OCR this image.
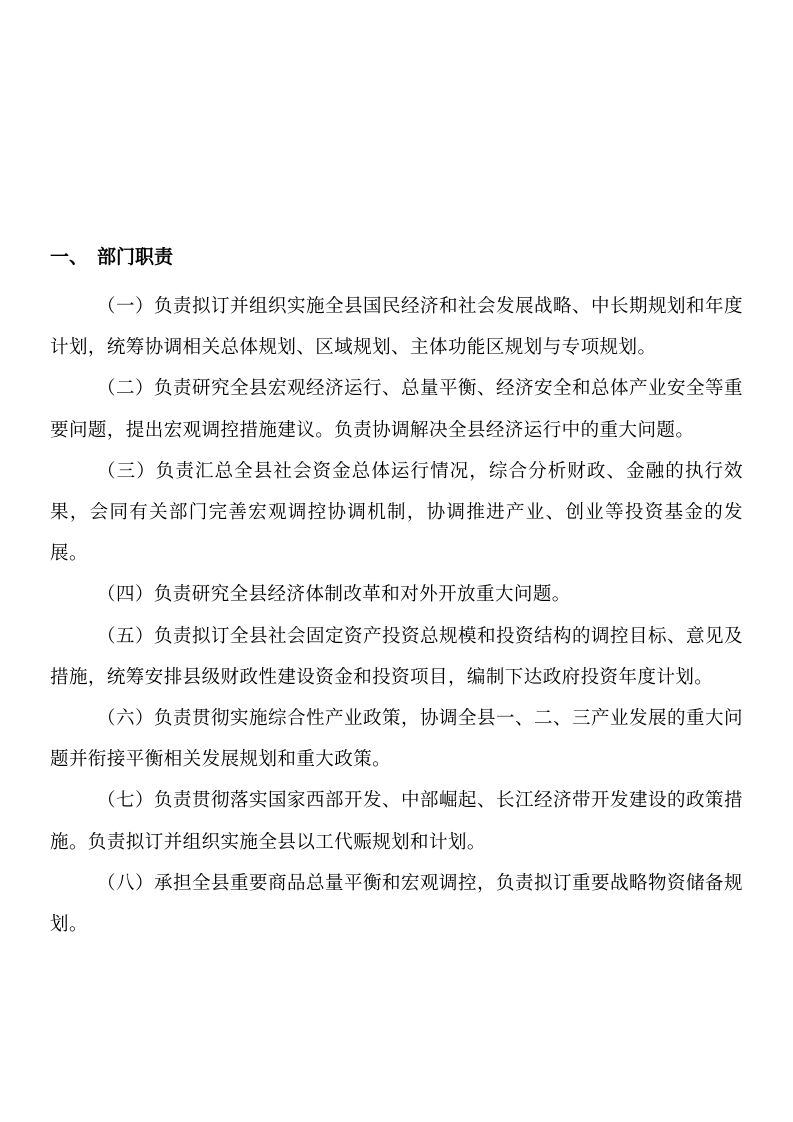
一、 部门职责

（一）负责拟订并组织实施全县国民经济和社会发展战略、中长期规划和年度计划，统筹协调相关总体规划、区域规划、主体功能区规划与专项规划。

（二）负责研究全县宏观经济运行、总量平衡、经济安全和总体产业安全等重要问题，提出宏观调控措施建议。负责协调解决全县经济运行中的重大问题。

（三）负责汇总全县社会资金总体运行情况，综合分析财政、金融的执行效果，会同有关部门完善宏观调控协调机制，协调推进产业、创业等投资基金的发展。

（四）负责研究全县经济体制改革和对外开放重大问题。

（五）负责拟订全县社会固定资产投资总规模和投资结构的调控目标、意见及措施，统筹安排县级财政性建设资金和投资项目，编制下达政府投资年度计划。

（六）负责贯彻实施综合性产业政策，协调全县一、二、三产业发展的重大问题并衔接平衡相关发展规划和重大政策。

（七）负责贯彻落实国家西部开发、中部崛起、长江经济带开发建设的政策措施。负责拟订并组织实施全县以工代赈规划和计划。

（八）承担全县重要商品总量平衡和宏观调控，负责拟订重要战略物资储备规划。
